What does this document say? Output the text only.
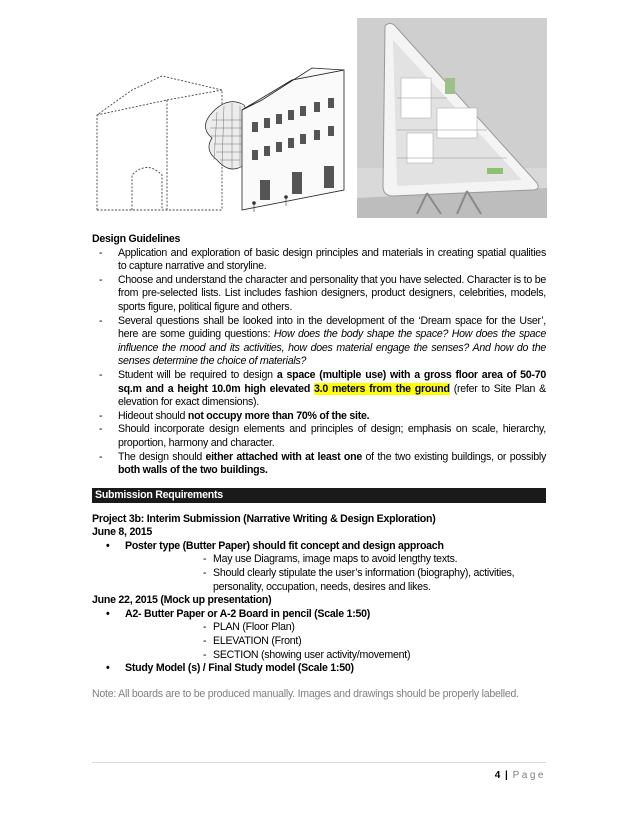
Design Guidelines

- Application and exploration of basic design principles and materials in creating spatial qualities to capture narrative and storyline.
- Choose and understand the character and personality that you have selected. Character is to be from pre-selected lists. List includes fashion designers, product designers, celebrities, models, sports figure, political figure and others.
- Several questions shall be looked into in the development of the ‘Dream space for the User’, here are some guiding questions: How does the body shape the space? How does the space influence the mood and its activities, how does material engage the senses? And how do the senses determine the choice of materials?
- Student will be required to design a space (multiple use) with a gross floor area of 50-70 sq.m and a height 10.0m high elevated 3.0 meters from the ground (refer to Site Plan & elevation for exact dimensions).
- Hideout should not occupy more than 70% of the site.
- Should incorporate design elements and principles of design; emphasis on scale, hierarchy, proportion, harmony and character.
- The design should either attached with at least one of the two existing buildings, or possibly both walls of the two buildings.
Submission Requirements
Project 3b: Interim Submission (Narrative Writing & Design Exploration)
June 8, 2015
• Poster type (Butter Paper) should fit concept and design approach
- May use Diagrams, image maps to avoid lengthy texts.
- Should clearly stipulate the user’s information (biography), activities,
personality, occupation, needs, desires and likes.
June 22, 2015 (Mock up presentation)
• A2- Butter Paper or A-2 Board in pencil (Scale 1:50)
- PLAN (Floor Plan)
- ELEVATION (Front)
- SECTION (showing user activity/movement)
• Study Model (s) / Final Study model (Scale 1:50)
Note: All boards are to be produced manually. Images and drawings should be properly labelled.
4 | Page
